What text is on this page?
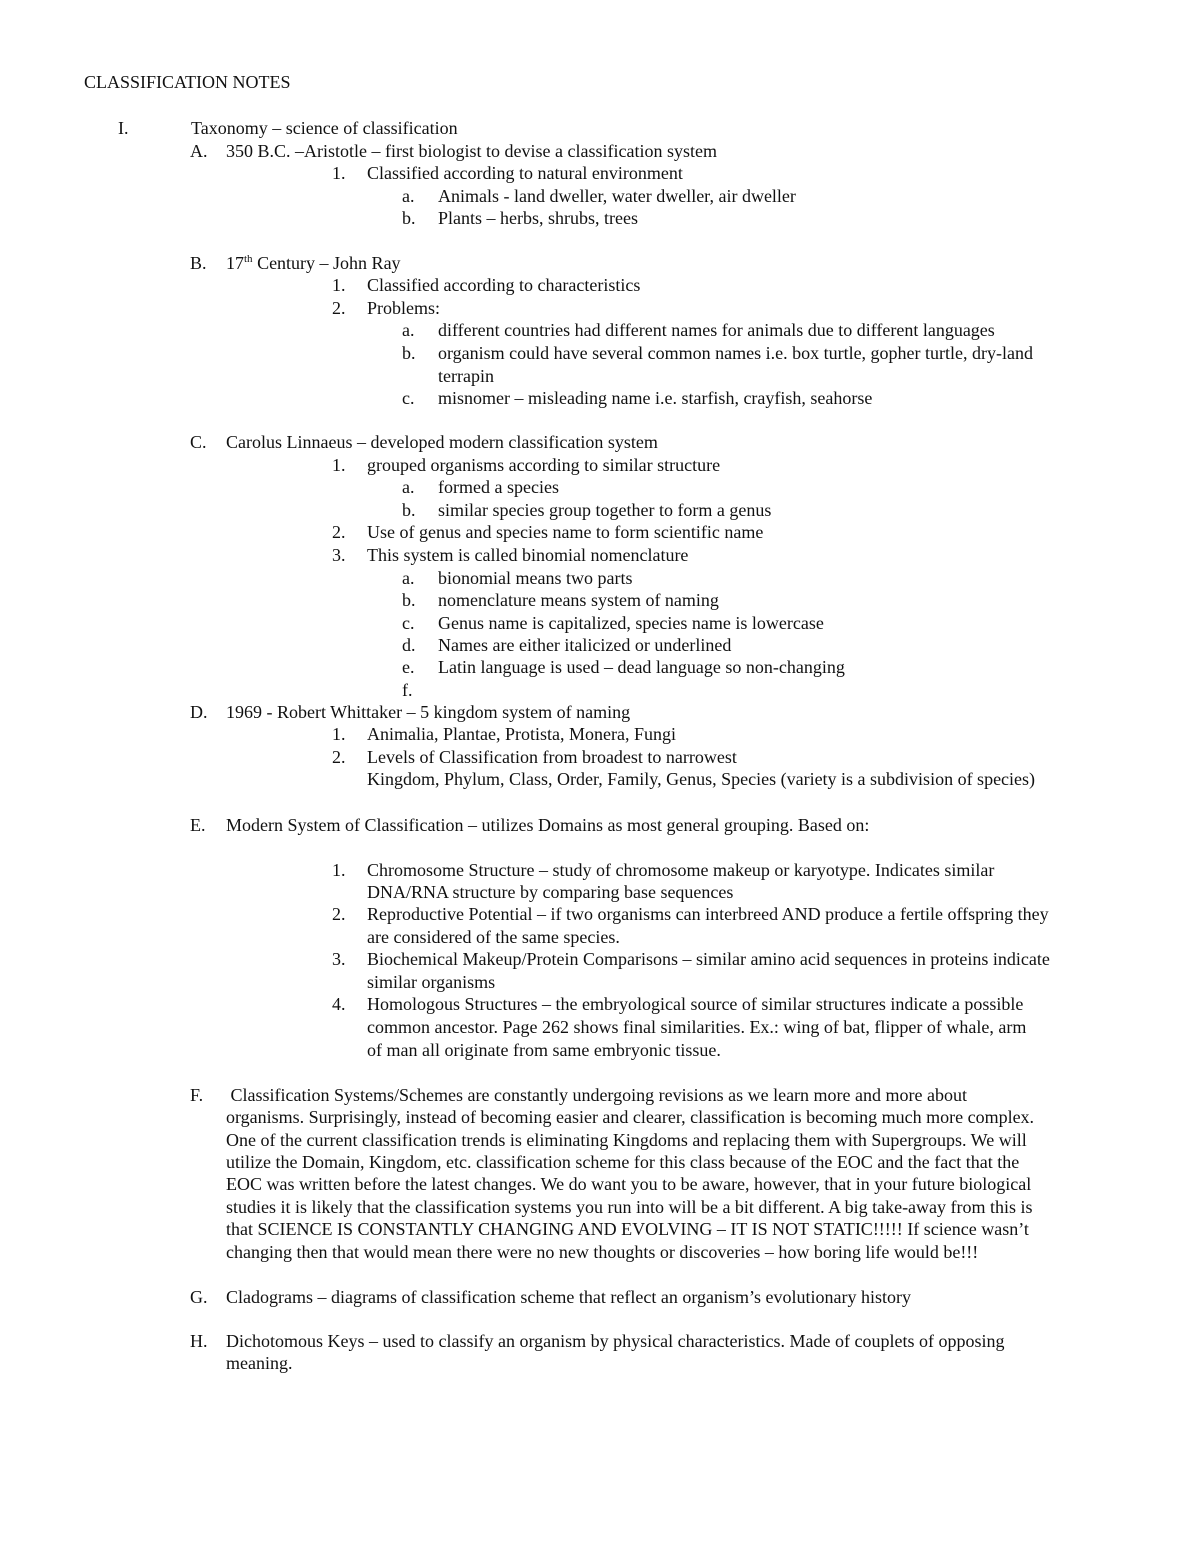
CLASSIFICATION NOTES
I.	Taxonomy – science of classification
A. 350 B.C. –Aristotle – first biologist to devise a classification system
1. Classified according to natural environment
a. Animals - land dweller, water dweller, air dweller
b. Plants – herbs, shrubs, trees
B. 17th Century – John Ray
1. Classified according to characteristics
2. Problems:
a. different countries had different names for animals due to different languages
b. organism could have several common names i.e. box turtle, gopher turtle, dry-land
terrapin
c. misnomer – misleading name i.e. starfish, crayfish, seahorse
C. Carolus Linnaeus – developed modern classification system
1. grouped organisms according to similar structure
a. formed a species
b. similar species group together to form a genus
2. Use of genus and species name to form scientific name
3. This system is called binomial nomenclature
a. bionomial means two parts
b. nomenclature means system of naming
c. Genus name is capitalized, species name is lowercase
d. Names are either italicized or underlined
e. Latin language is used – dead language so non-changing
f.
D. 1969 - Robert Whittaker – 5 kingdom system of naming
1. Animalia, Plantae, Protista, Monera, Fungi
2. Levels of Classification from broadest to narrowest
Kingdom, Phylum, Class, Order, Family, Genus, Species (variety is a subdivision of species)
E. Modern System of Classification – utilizes Domains as most general grouping. Based on:
1. Chromosome Structure – study of chromosome makeup or karyotype. Indicates similar
DNA/RNA structure by comparing base sequences
2. Reproductive Potential – if two organisms can interbreed AND produce a fertile offspring they
are considered of the same species.
3. Biochemical Makeup/Protein Comparisons – similar amino acid sequences in proteins indicate
similar organisms
4. Homologous Structures – the embryological source of similar structures indicate a possible
common ancestor. Page 262 shows final similarities. Ex.: wing of bat, flipper of whale, arm
of man all originate from same embryonic tissue.
F. Classification Systems/Schemes are constantly undergoing revisions as we learn more and more about
organisms. Surprisingly, instead of becoming easier and clearer, classification is becoming much more complex.
One of the current classification trends is eliminating Kingdoms and replacing them with Supergroups. We will
utilize the Domain, Kingdom, etc. classification scheme for this class because of the EOC and the fact that the
EOC was written before the latest changes. We do want you to be aware, however, that in your future biological
studies it is likely that the classification systems you run into will be a bit different. A big take-away from this is
that SCIENCE IS CONSTANTLY CHANGING AND EVOLVING – IT IS NOT STATIC!!!!! If science wasn’t
changing then that would mean there were no new thoughts or discoveries – how boring life would be!!!
G. Cladograms – diagrams of classification scheme that reflect an organism’s evolutionary history
H. Dichotomous Keys – used to classify an organism by physical characteristics. Made of couplets of opposing
meaning.
